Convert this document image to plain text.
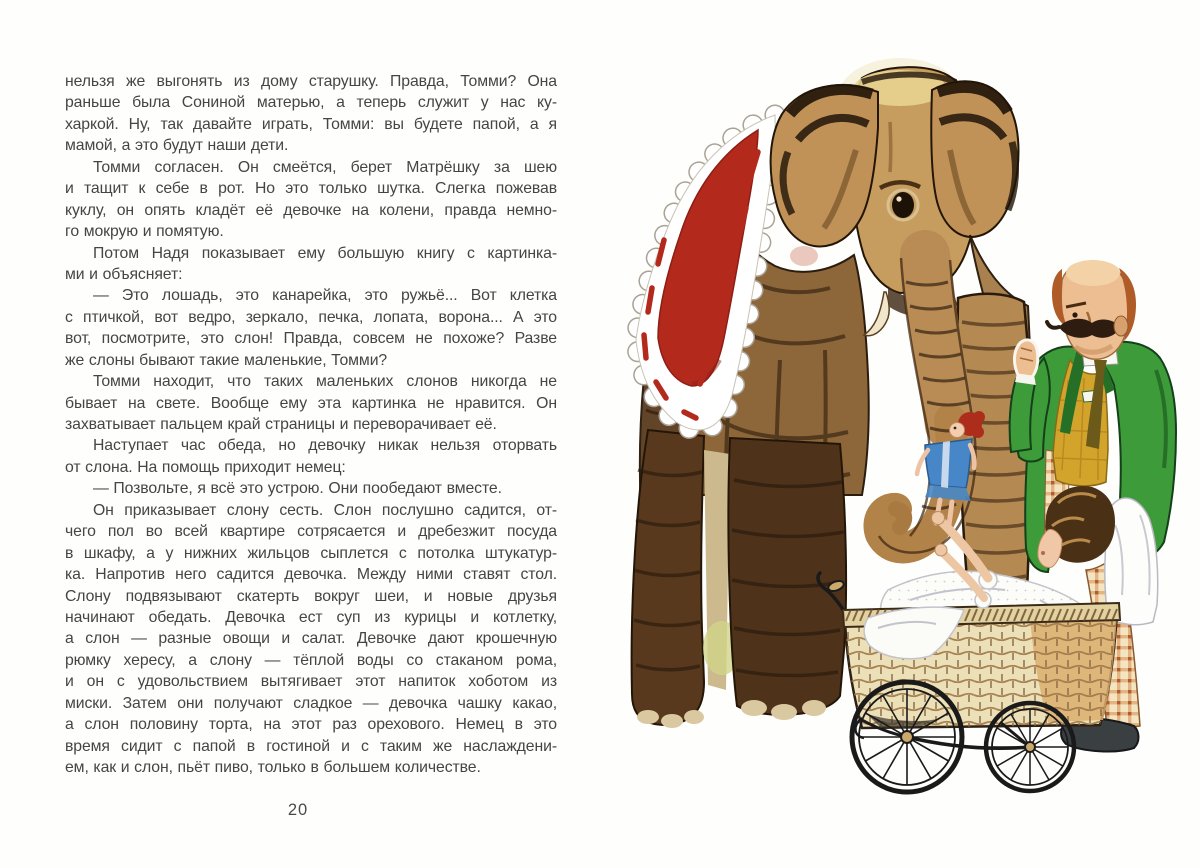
нельзя же выгонять из дому старушку. Правда, Томми? Она
раньше была Сониной матерью, а теперь служит у нас ку-
харкой. Ну, так давайте играть, Томми: вы будете папой, а я
мамой, а это будут наши дети.
Томми согласен. Он смеётся, берет Матрёшку за шею
и тащит к себе в рот. Но это только шутка. Слегка пожевав
куклу, он опять кладёт её девочке на колени, правда немно-
го мокрую и помятую.
Потом Надя показывает ему большую книгу с картинка-
ми и объясняет:
— Это лошадь, это канарейка, это ружьё... Вот клетка
с птичкой, вот ведро, зеркало, печка, лопата, ворона... А это
вот, посмотрите, это слон! Правда, совсем не похоже? Разве
же слоны бывают такие маленькие, Томми?
Томми находит, что таких маленьких слонов никогда не
бывает на свете. Вообще ему эта картинка не нравится. Он
захватывает пальцем край страницы и переворачивает её.
Наступает час обеда, но девочку никак нельзя оторвать
от слона. На помощь приходит немец:
— Позвольте, я всё это устрою. Они пообедают вместе.
Он приказывает слону сесть. Слон послушно садится, от-
чего пол во всей квартире сотрясается и дребезжит посуда
в шкафу, а у нижних жильцов сыплется с потолка штукатур-
ка. Напротив него садится девочка. Между ними ставят стол.
Слону подвязывают скатерть вокруг шеи, и новые друзья
начинают обедать. Девочка ест суп из курицы и котлетку,
а слон — разные овощи и салат. Девочке дают крошечную
рюмку хересу, а слону — тёплой воды со стаканом рома,
и он с удовольствием вытягивает этот напиток хоботом из
миски. Затем они получают сладкое — девочка чашку какао,
а слон половину торта, на этот раз орехового. Немец в это
время сидит с папой в гостиной и с таким же наслаждени-
ем, как и слон, пьёт пиво, только в большем количестве.
20
